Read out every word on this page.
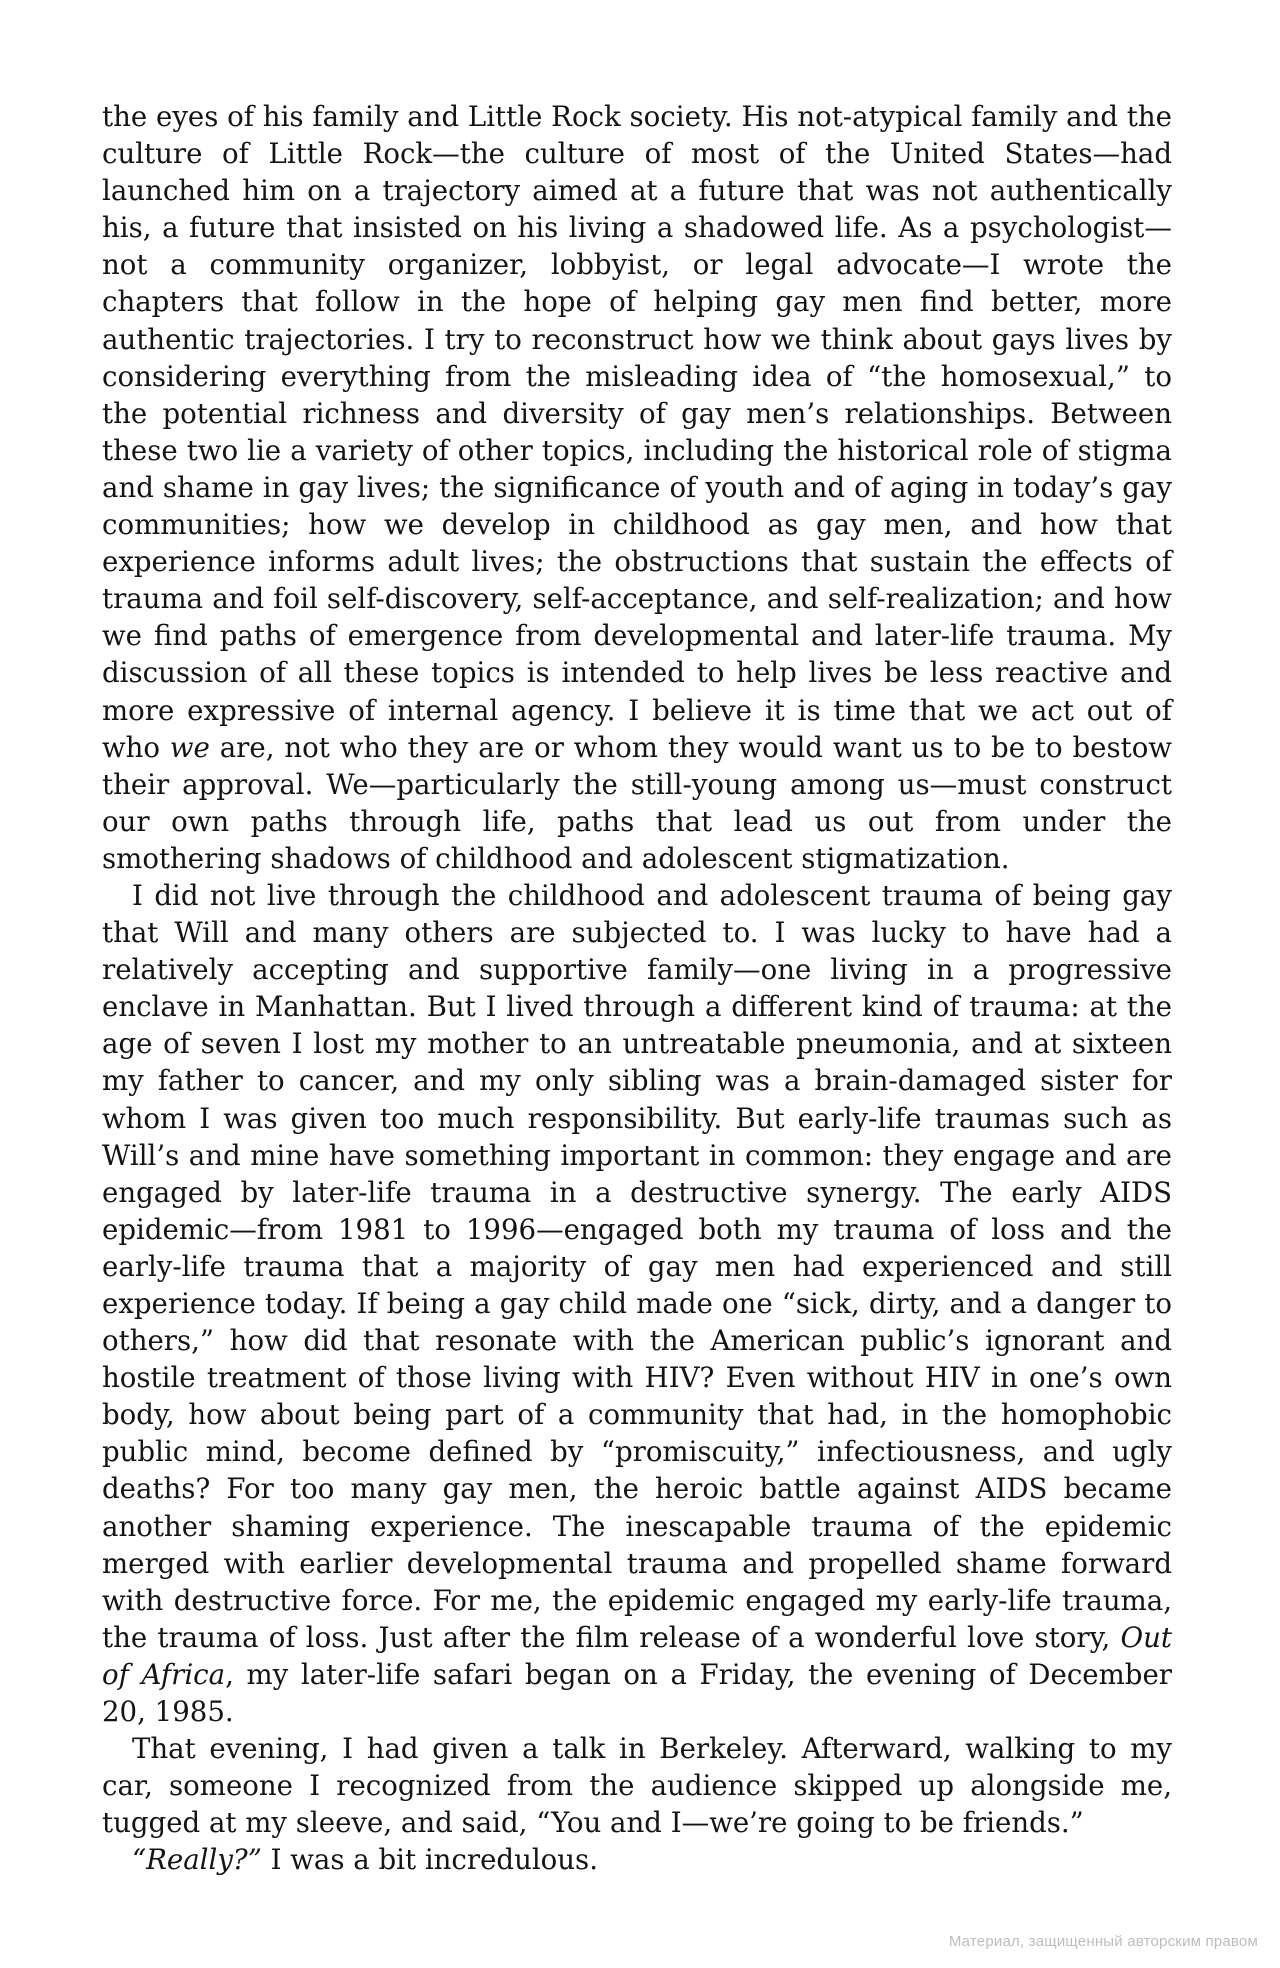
the eyes of his family and Little Rock society. His not-atypical family and the culture of Little Rock—the culture of most of the United States—had launched him on a trajectory aimed at a future that was not authentically his, a future that insisted on his living a shadowed life. As a psychologist—not a community organizer, lobbyist, or legal advocate—I wrote the chapters that follow in the hope of helping gay men find better, more authentic trajectories. I try to reconstruct how we think about gays lives by considering everything from the misleading idea of “the homosexual,” to the potential richness and diversity of gay men’s relationships. Between these two lie a variety of other topics, including the historical role of stigma and shame in gay lives; the significance of youth and of aging in today’s gay communities; how we develop in childhood as gay men, and how that experience informs adult lives; the obstructions that sustain the effects of trauma and foil self-discovery, self-acceptance, and self-realization; and how we find paths of emergence from developmental and later-life trauma. My discussion of all these topics is intended to help lives be less reactive and more expressive of internal agency. I believe it is time that we act out of who we are, not who they are or whom they would want us to be to bestow their approval. We—particularly the still-young among us—must construct our own paths through life, paths that lead us out from under the smothering shadows of childhood and adolescent stigmatization.

I did not live through the childhood and adolescent trauma of being gay that Will and many others are subjected to. I was lucky to have had a relatively accepting and supportive family—one living in a progressive enclave in Manhattan. But I lived through a different kind of trauma: at the age of seven I lost my mother to an untreatable pneumonia, and at sixteen my father to cancer, and my only sibling was a brain-damaged sister for whom I was given too much responsibility. But early-life traumas such as Will’s and mine have something important in common: they engage and are engaged by later-life trauma in a destructive synergy. The early AIDS epidemic—from 1981 to 1996—engaged both my trauma of loss and the early-life trauma that a majority of gay men had experienced and still experience today. If being a gay child made one “sick, dirty, and a danger to others,” how did that resonate with the American public’s ignorant and hostile treatment of those living with HIV? Even without HIV in one’s own body, how about being part of a community that had, in the homophobic public mind, become defined by “promiscuity,” infectiousness, and ugly deaths? For too many gay men, the heroic battle against AIDS became another shaming experience. The inescapable trauma of the epidemic merged with earlier developmental trauma and propelled shame forward with destructive force. For me, the epidemic engaged my early-life trauma, the trauma of loss. Just after the film release of a wonderful love story, Out of Africa, my later-life safari began on a Friday, the evening of December 20, 1985.

That evening, I had given a talk in Berkeley. Afterward, walking to my car, someone I recognized from the audience skipped up alongside me, tugged at my sleeve, and said, “You and I—we’re going to be friends.”

“Really?” I was a bit incredulous.

Материал, защищенный авторским правом
